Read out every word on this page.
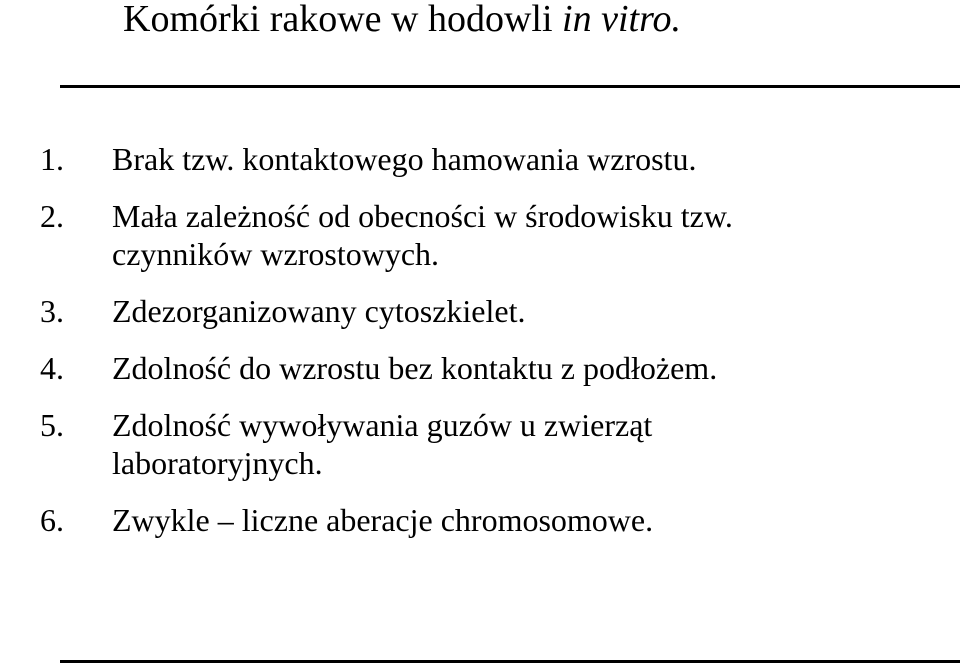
Komórki rakowe w hodowli in vitro.
1.	Brak tzw. kontaktowego hamowania wzrostu.
2.	Mała zależność od obecności w środowisku tzw.
czynników wzrostowych.
3.	Zdezorganizowany cytoszkielet.
4.	Zdolność do wzrostu bez kontaktu z podłożem.
5.	Zdolność wywoływania guzów u zwierząt
laboratoryjnych.
6.	Zwykle – liczne aberacje chromosomowe.
